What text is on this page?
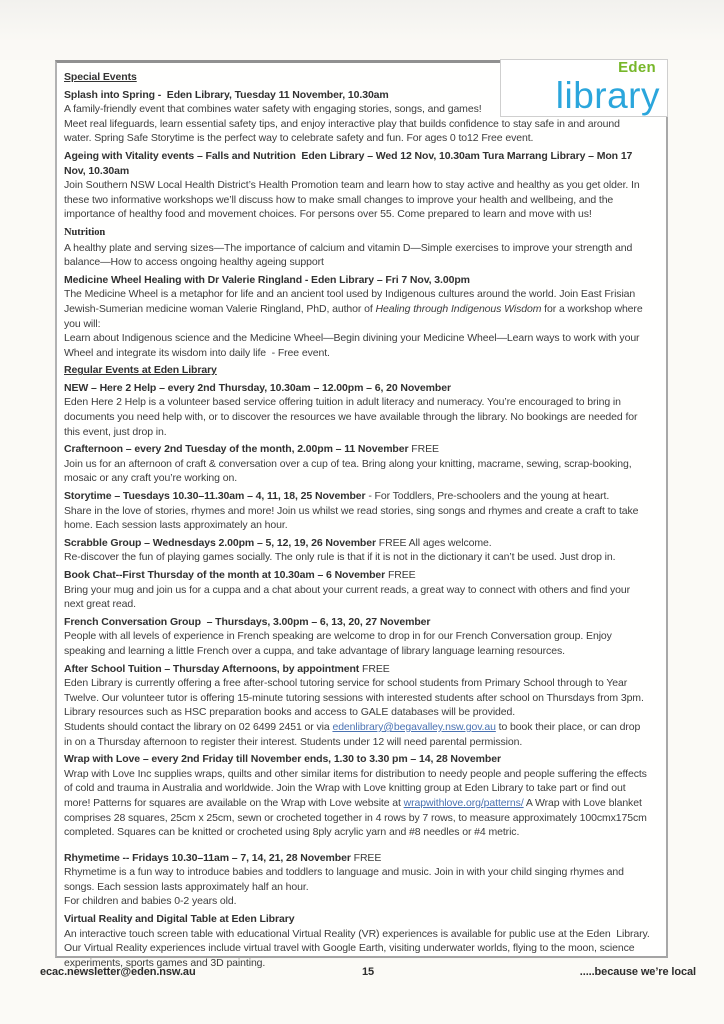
Eden
library
Special Events
Splash into Spring -  Eden Library, Tuesday 11 November, 10.30am
A family-friendly event that combines water safety with engaging stories, songs, and games!
Meet real lifeguards, learn essential safety tips, and enjoy interactive play that builds confidence to stay safe in and around water. Spring Safe Storytime is the perfect way to celebrate safety and fun. For ages 0 to12 Free event.
Ageing with Vitality events – Falls and Nutrition  Eden Library – Wed 12 Nov, 10.30am Tura Marrang Library – Mon 17 Nov, 10.30am
Join Southern NSW Local Health District’s Health Promotion team and learn how to stay active and healthy as you get older. In these two informative workshops we’ll discuss how to make small changes to improve your health and wellbeing, and the importance of healthy food and movement choices. For persons over 55. Come prepared to learn and move with us!
Nutrition
A healthy plate and serving sizes—The importance of calcium and vitamin D—Simple exercises to improve your strength and balance—How to access ongoing healthy ageing support
Medicine Wheel Healing with Dr Valerie Ringland - Eden Library – Fri 7 Nov, 3.00pm
The Medicine Wheel is a metaphor for life and an ancient tool used by Indigenous cultures around the world. Join East Frisian Jewish-Sumerian medicine woman Valerie Ringland, PhD, author of Healing through Indigenous Wisdom for a workshop where you will:
Learn about Indigenous science and the Medicine Wheel—Begin divining your Medicine Wheel—Learn ways to work with your Wheel and integrate its wisdom into daily life  - Free event.
Regular Events at Eden Library
NEW – Here 2 Help – every 2nd Thursday, 10.30am – 12.00pm – 6, 20 November
Eden Here 2 Help is a volunteer based service offering tuition in adult literacy and numeracy. You’re encouraged to bring in documents you need help with, or to discover the resources we have available through the library. No bookings are needed for this event, just drop in.
Crafternoon – every 2nd Tuesday of the month, 2.00pm – 11 November FREE
Join us for an afternoon of craft & conversation over a cup of tea. Bring along your knitting, macrame, sewing, scrap-booking, mosaic or any craft you’re working on.
Storytime – Tuesdays 10.30–11.30am – 4, 11, 18, 25 November - For Toddlers, Pre-schoolers and the young at heart.
Share in the love of stories, rhymes and more! Join us whilst we read stories, sing songs and rhymes and create a craft to take home. Each session lasts approximately an hour.
Scrabble Group – Wednesdays 2.00pm – 5, 12, 19, 26 November FREE All ages welcome.
Re-discover the fun of playing games socially. The only rule is that if it is not in the dictionary it can’t be used. Just drop in.
Book Chat--First Thursday of the month at 10.30am – 6 November FREE
Bring your mug and join us for a cuppa and a chat about your current reads, a great way to connect with others and find your next great read.
French Conversation Group  – Thursdays, 3.00pm – 6, 13, 20, 27 November
People with all levels of experience in French speaking are welcome to drop in for our French Conversation group. Enjoy speaking and learning a little French over a cuppa, and take advantage of library language learning resources.
After School Tuition – Thursday Afternoons, by appointment FREE
Eden Library is currently offering a free after-school tutoring service for school students from Primary School through to Year Twelve. Our volunteer tutor is offering 15-minute tutoring sessions with interested students after school on Thursdays from 3pm. Library resources such as HSC preparation books and access to GALE databases will be provided.
Students should contact the library on 02 6499 2451 or via edenlibrary@begavalley.nsw.gov.au to book their place, or can drop in on a Thursday afternoon to register their interest. Students under 12 will need parental permission.
Wrap with Love – every 2nd Friday till November ends, 1.30 to 3.30 pm – 14, 28 November
Wrap with Love Inc supplies wraps, quilts and other similar items for distribution to needy people and people suffering the effects of cold and trauma in Australia and worldwide. Join the Wrap with Love knitting group at Eden Library to take part or find out more! Patterns for squares are available on the Wrap with Love website at wrapwithlove.org/patterns/ A Wrap with Love blanket comprises 28 squares, 25cm x 25cm, sewn or crocheted together in 4 rows by 7 rows, to measure approximately 100cmx175cm completed. Squares can be knitted or crocheted using 8ply acrylic yarn and #8 needles or #4 metric.
Rhymetime -- Fridays 10.30–11am – 7, 14, 21, 28 November FREE
Rhymetime is a fun way to introduce babies and toddlers to language and music. Join in with your child singing rhymes and songs. Each session lasts approximately half an hour.
For children and babies 0-2 years old.
Virtual Reality and Digital Table at Eden Library
An interactive touch screen table with educational Virtual Reality (VR) experiences is available for public use at the Eden  Library. Our Virtual Reality experiences include virtual travel with Google Earth, visiting underwater worlds, flying to the moon, science experiments, sports games and 3D painting.
ecac.newsletter@eden.nsw.au	15	.....because we’re local
